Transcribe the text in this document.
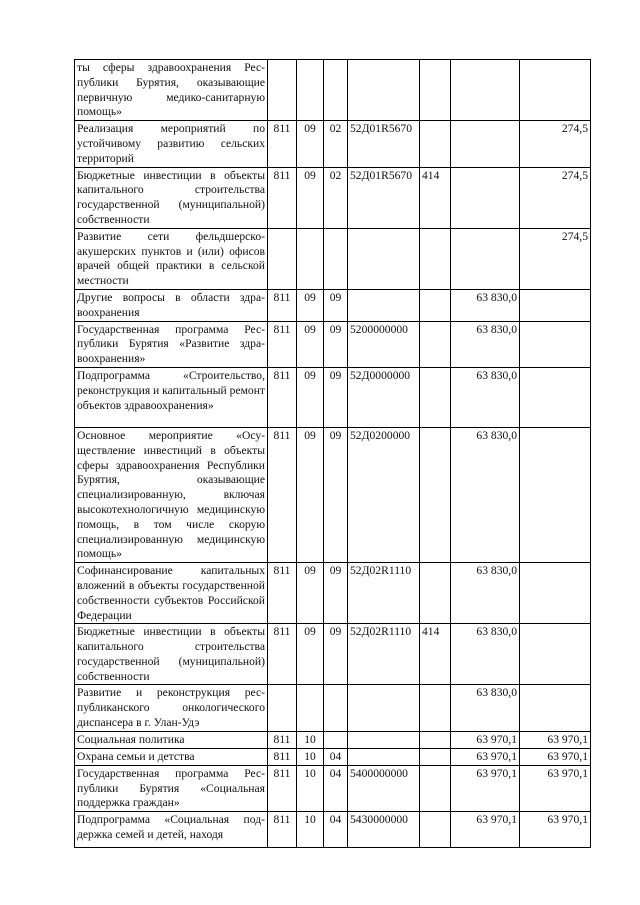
ты сферы здравоохранения Республики Бурятия, оказывающие первичную медико-санитарную помощь»							
Реализация мероприятий по устойчивому развитию сельских территорий	811	09	02	52Д01R5670			274,5
Бюджетные инвестиции в объекты капитального строительства государственной (муниципальной) собственности	811	09	02	52Д01R5670	414		274,5
Развитие сети фельдшерско-акушерских пунктов и (или) офисов врачей общей практики в сельской местности							274,5
Другие вопросы в области здравоохранения	811	09	09			63 830,0	
Государственная программа Республики Бурятия «Развитие здравоохранения»	811	09	09	5200000000		63 830,0	
Подпрограмма «Строительство, реконструкция и капитальный ремонт объектов здравоохранения»	811	09	09	52Д0000000		63 830,0	
Основное мероприятие «Осуществление инвестиций в объекты сферы здравоохранения Республики Бурятия, оказывающие специализированную, включая высокотехнологичную медицинскую помощь, в том числе скорую специализированную медицинскую помощь»	811	09	09	52Д0200000		63 830,0	
Софинансирование капитальных вложений в объекты государственной собственности субъектов Российской Федерации	811	09	09	52Д02R1110		63 830,0	
Бюджетные инвестиции в объекты капитального строительства государственной (муниципальной) собственности	811	09	09	52Д02R1110	414	63 830,0	
Развитие и реконструкция республиканского онкологического диспансера в г. Улан-Удэ						63 830,0	
Социальная политика	811	10				63 970,1	63 970,1
Охрана семьи и детства	811	10	04			63 970,1	63 970,1
Государственная программа Республики Бурятия «Социальная поддержка граждан»	811	10	04	5400000000		63 970,1	63 970,1
Подпрограмма «Социальная поддержка семей и детей, находя	811	10	04	5430000000		63 970,1	63 970,1
